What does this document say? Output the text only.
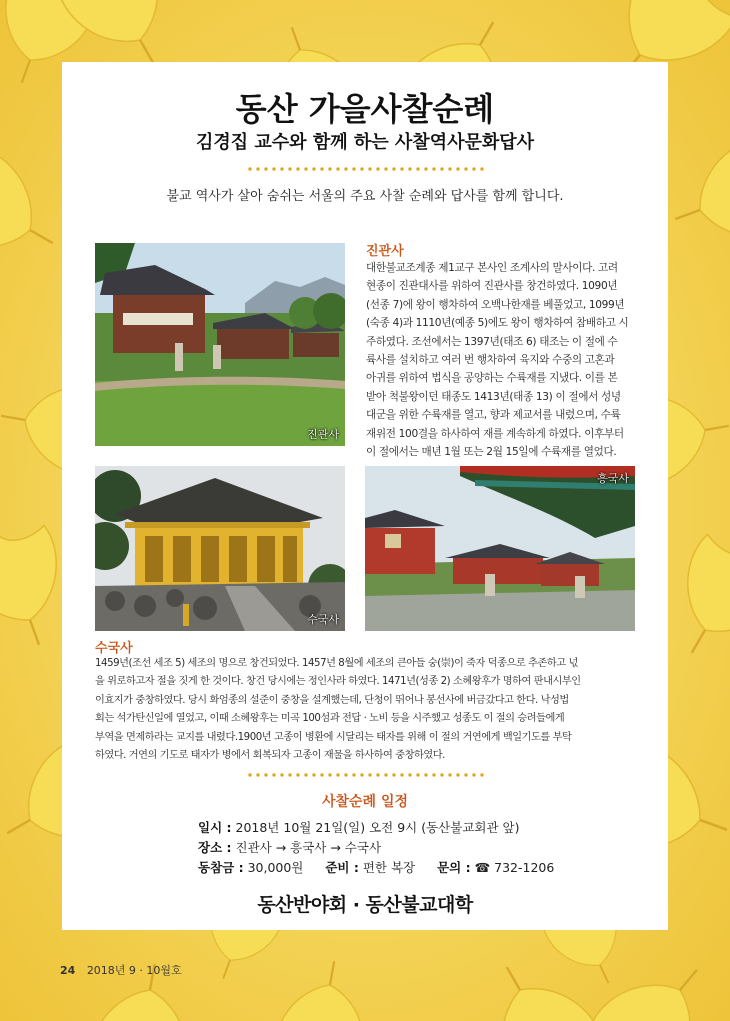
동산 가을사찰순례
김경집 교수와 함께 하는 사찰역사문화답사
불교 역사가 살아 숨쉬는 서울의 주요 사찰 순례와 답사를 함께 합니다.
진관사
진관사
대한불교조계종 제1교구 본사인 조계사의 말사이다. 고려
현종이 진관대사를 위하여 진관사를 창건하였다. 1090년
(선종 7)에 왕이 행차하여 오백나한재를 베풀었고, 1099년
(숙종 4)과 1110년(예종 5)에도 왕이 행차하여 참배하고 시
주하였다. 조선에서는 1397년(태조 6) 태조는 이 절에 수
륙사를 설치하고 여러 번 행차하여 육지와 수중의 고혼과
아귀를 위하여 법식을 공양하는 수륙재를 지냈다. 이를 본
받아 척불왕이던 태종도 1413년(태종 13) 이 절에서 성녕
대군을 위한 수륙재를 열고, 향과 제교서를 내렸으며, 수륙
재위전 100결을 하사하여 재를 계속하게 하였다. 이후부터
이 절에서는 매년 1월 또는 2월 15일에 수륙재를 열었다.
수국사
흥국사
수국사
1459년(조선 세조 5) 세조의 명으로 창건되었다. 1457년 8월에 세조의 큰아들 숭(崇)이 죽자 덕종으로 추존하고 넋
을 위로하고자 절을 짓게 한 것이다. 창건 당시에는 정인사라 하였다. 1471년(성종 2) 소혜왕후가 명하여 판내시부인
이효지가 중창하였다. 당시 화엄종의 설준이 중창을 설계했는데, 단청이 뛰어나 봉선사에 버금갔다고 한다. 낙성법
회는 석가탄신일에 열었고, 이때 소혜왕후는 미곡 100섬과 전답 · 노비 등을 시주했고 성종도 이 절의 승려들에게
부역을 면제하라는 교지를 내렸다.1900년 고종이 병환에 시달리는 태자를 위해 이 절의 거연에게 백일기도를 부탁
하였다. 거연의 기도로 태자가 병에서 회복되자 고종이 재물을 하사하여 중창하였다.
사찰순례 일정
일시 : 2018년 10월 21일(일) 오전 9시 (동산불교회관 앞)
장소 : 진관사 → 흥국사 → 수국사
동참금 : 30,000원 준비 : 편한 복장 문의 : ☎ 732-1206
동산반야회 · 동산불교대학
24 2018년 9 · 10월호
